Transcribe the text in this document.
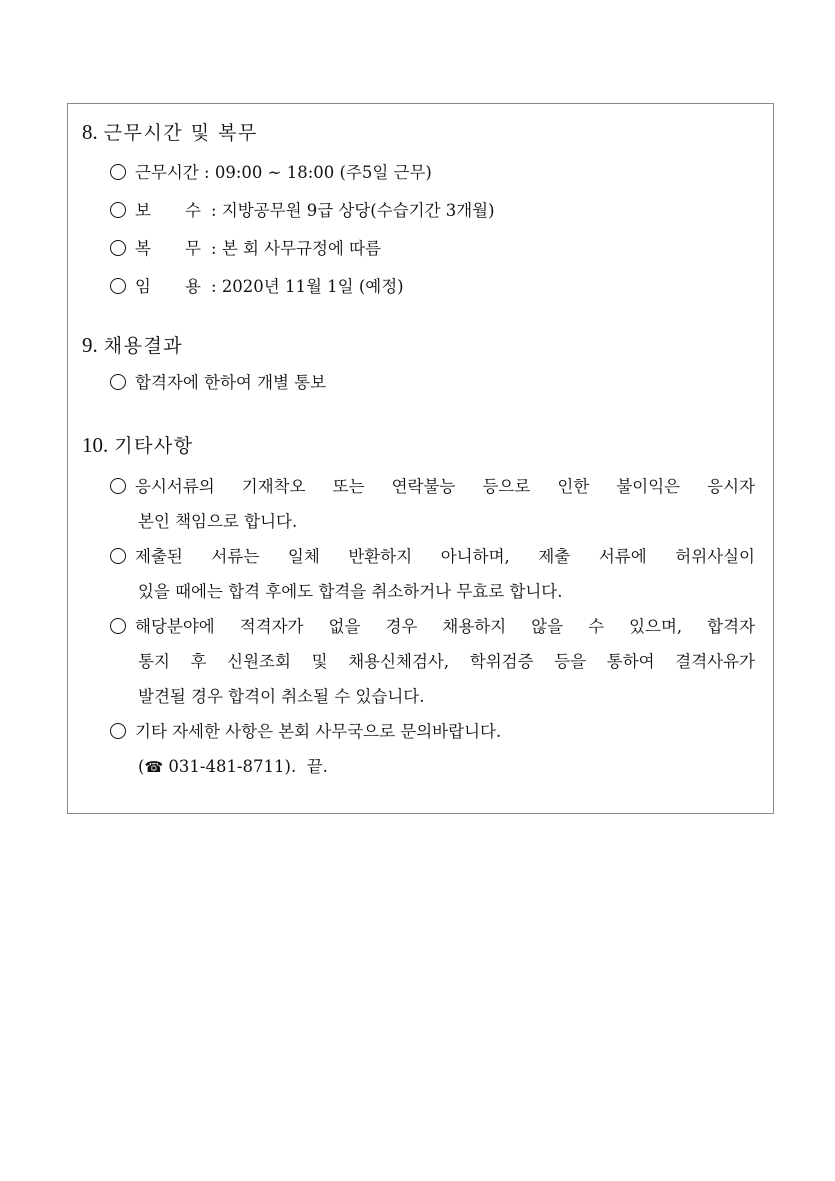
8. 근무시간 및 복무
근무시간 : 09:00 ~ 18:00 (주5일 근무)
보 수 : 지방공무원 9급 상당(수습기간 3개월)
복 무 : 본 회 사무규정에 따름
임 용 : 2020년 11월 1일 (예정)
9. 채용결과
합격자에 한하여 개별 통보
10. 기타사항
응시서류의 기재착오 또는 연락불능 등으로 인한 불이익은 응시자
본인 책임으로 합니다.
제출된 서류는 일체 반환하지 아니하며, 제출 서류에 허위사실이
있을 때에는 합격 후에도 합격을 취소하거나 무효로 합니다.
해당분야에 적격자가 없을 경우 채용하지 않을 수 있으며, 합격자
통지 후 신원조회 및 채용신체검사, 학위검증 등을 통하여 결격사유가
발견될 경우 합격이 취소될 수 있습니다.
기타 자세한 사항은 본회 사무국으로 문의바랍니다.
(☎ 031-481-8711). 끝.
